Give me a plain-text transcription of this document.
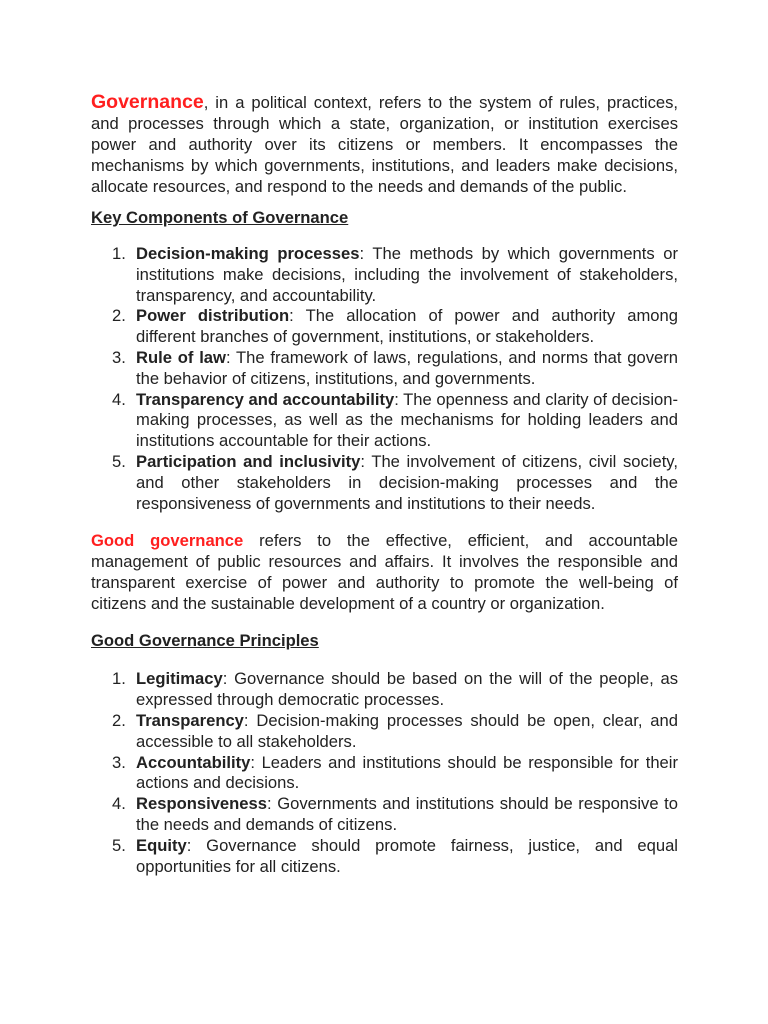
Governance, in a political context, refers to the system of rules, practices, and processes through which a state, organization, or institution exercises power and authority over its citizens or members. It encompasses the mechanisms by which governments, institutions, and leaders make decisions, allocate resources, and respond to the needs and demands of the public.

Key Components of Governance
1. Decision-making processes: The methods by which governments or institutions make decisions, including the involvement of stakeholders, transparency, and accountability.
2. Power distribution: The allocation of power and authority among different branches of government, institutions, or stakeholders.
3. Rule of law: The framework of laws, regulations, and norms that govern the behavior of citizens, institutions, and governments.
4. Transparency and accountability: The openness and clarity of decision-making processes, as well as the mechanisms for holding leaders and institutions accountable for their actions.
5. Participation and inclusivity: The involvement of citizens, civil society, and other stakeholders in decision-making processes and the responsiveness of governments and institutions to their needs.

Good governance refers to the effective, efficient, and accountable management of public resources and affairs. It involves the responsible and transparent exercise of power and authority to promote the well-being of citizens and the sustainable development of a country or organization.

Good Governance Principles
1. Legitimacy: Governance should be based on the will of the people, as expressed through democratic processes.
2. Transparency: Decision-making processes should be open, clear, and accessible to all stakeholders.
3. Accountability: Leaders and institutions should be responsible for their actions and decisions.
4. Responsiveness: Governments and institutions should be responsive to the needs and demands of citizens.
5. Equity: Governance should promote fairness, justice, and equal opportunities for all citizens.
